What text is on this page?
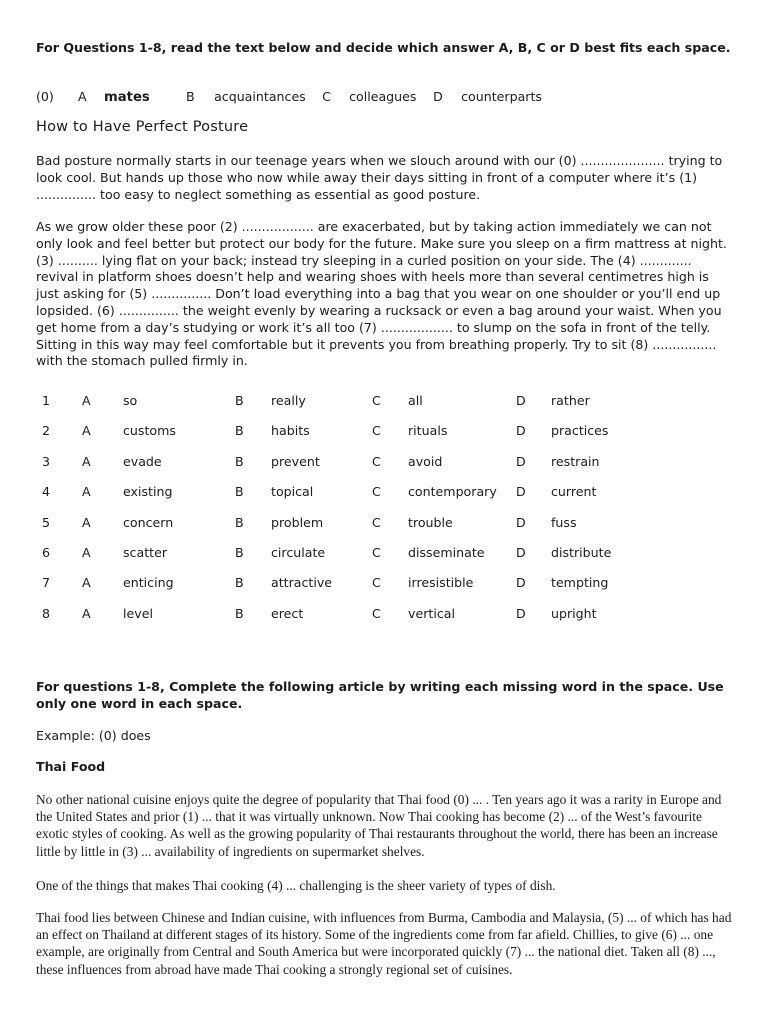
For Questions 1-8, read the text below and decide which answer A, B, C or D best fits each space.
(0) A mates	B acquaintances C colleagues D counterparts
How to Have Perfect Posture
Bad posture normally starts in our teenage years when we slouch around with our (0) ..................... trying to look cool. But hands up those who now while away their days sitting in front of a computer where it’s (1) ............... too easy to neglect something as essential as good posture.
As we grow older these poor (2) .................. are exacerbated, but by taking action immediately we can not only look and feel better but protect our body for the future. Make sure you sleep on a firm mattress at night. (3) .......... lying flat on your back; instead try sleeping in a curled position on your side. The (4) ............. revival in platform shoes doesn’t help and wearing shoes with heels more than several centimetres high is just asking for (5) ............... Don’t load everything into a bag that you wear on one shoulder or you’ll end up lopsided. (6) ............... the weight evenly by wearing a rucksack or even a bag around your waist. When you get home from a day’s studying or work it’s all too (7) .................. to slump on the sofa in front of the telly. Sitting in this way may feel comfortable but it prevents you from breathing properly. Try to sit (8) ................ with the stomach pulled firmly in.
1	A	so	B really	C all	D rather
2	A	customs	B habits	C rituals	D practices
3	A	evade	B prevent	C avoid	D restrain
4	A	existing	B topical	C contemporary D current
5	A	concern	B problem	C trouble	D fuss
6	A	scatter	B circulate	C disseminate D distribute
7	A	enticing	B attractive	C irresistible	D tempting
8	A	level	B erect	C vertical	D upright
For questions 1-8, Complete the following article by writing each missing word in the space. Use only one word in each space.
Example: (0) does
Thai Food
No other national cuisine enjoys quite the degree of popularity that Thai food (0) ... . Ten years ago it was a rarity in Europe and the United States and prior (1) ... that it was virtually unknown. Now Thai cooking has become (2) ... of the West’s favourite exotic styles of cooking. As well as the growing popularity of Thai restaurants throughout the world, there has been an increase little by little in (3) ... availability of ingredients on supermarket shelves.
One of the things that makes Thai cooking (4) ... challenging is the sheer variety of types of dish.
Thai food lies between Chinese and Indian cuisine, with influences from Burma, Cambodia and Malaysia, (5) ... of which has had an effect on Thailand at different stages of its history. Some of the ingredients come from far afield. Chillies, to give (6) ... one example, are originally from Central and South America but were incorporated quickly (7) ... the national diet. Taken all (8) ..., these influences from abroad have made Thai cooking a strongly regional set of cuisines.
